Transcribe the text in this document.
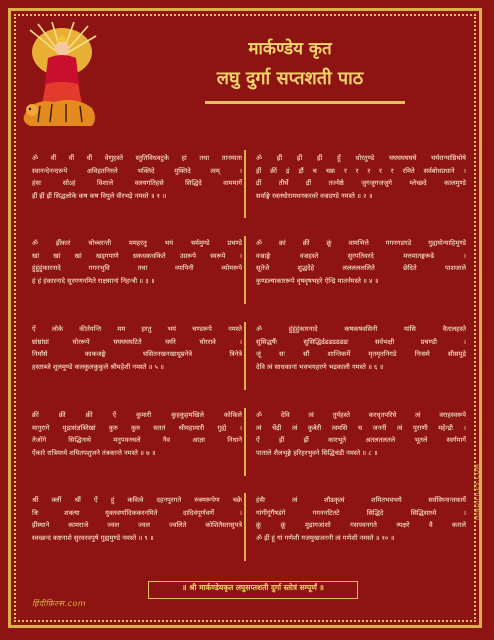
मार्कण्डेय कृत
लघु दुर्गा सप्तशती पाठ
ॐ वीं वीं वीं वेणुहस्ते स्तुतिविधवटुके हां तथा तानमाता
स्वानन्देनन्दरूपे अविहतनिरुते भक्तिदे मुक्तिदे त्वम् ।
हंसः सोऽहं विशाले वलयगतिहसे सिद्धिदे वाममार्गे
ह्रीं ह्रीं ह्रीं सिद्धलोके कष कष विपुले वीरभद्रे नमस्ते ॥ १ ॥
ॐ ह्रीं ह्रीं ह्रीं हूँ धोरतुण्डे घघघघघघघे घर्घरान्यांघ्रिघोषे
ह्रीं क्रीं द्रं द्रौं च चक्र र र र र र रमिते सर्वबोधप्रधाने ।
द्रीं तीर्थे द्रीं तज्येष्ठे जुगजुगजजुगे म्लेच्छदे कालमुण्डे
सर्वाङ्गे रक्तघोरामथनकरवरे वज्रदण्डे नमस्ते ॥ २ ॥
ॐ ह्रींकारं चोच्चरन्ती ममहरतु भयं चर्ममुण्डे प्रचण्डे
खां खां खां खड्गपाणे ध्रकधकधकिते उग्ररूपे स्वरूपे ।
हुंहुंहुंकारनादे गगनभुवि तथा व्यापिनी व्योमरूपे
हं हं हंकारनादे सुरगणनमिते राक्षसानां निहन्त्री ॥ ३ ॥
ॐ क्रां क्रीं क्रूं वामभित्ते गगनगडगडे गुह्ययोन्याहिमुण्डे
वज्राङ्गे वज्रहस्ते सुरपतिवरदे मत्तमातङ्गरूढे ।
सूतेजे शुद्धदेहे ललललललिते छेदिते पाशजाले
कुण्डल्याकाररूपे वृषवृषभहरे ऐन्द्रि मातर्नमस्ते ॥ ४ ॥
ऐं लोके कीर्तयन्ति मम हरतु भयं चण्डरूपे नमस्ते
घ्रांघ्रांघ्रां घोररूपे घघघघघटिते घर्घरे घोररावे ।
निर्मांसे काकजङ्घे घसितनखनखाधूम्रनेत्रे त्रिनेत्रे
हस्ताब्जे शूलमुण्डे कलकुलकुकुले श्रीमहेशी नमस्ते ॥ ५ ॥
ॐ हुंहुंहुंकारनादे कषकषवसिनी मांसि वैतालहस्ते
सुंसिद्धर्षैः सुसिद्धिर्ढढढढढढढः सर्वभक्षी प्रचण्डी ।
जूं सः सौं शान्तिकर्मे मृतमृतनिगडे निःसमे सीसमुद्रे
देवि त्वं साधकानां भवभयहरणे भद्रकाली नमस्ते ॥ ६ ॥
क्रीं क्रीं क्रीं ऐं कुमारी कुहकुहमखिले कोकिले
मानुरागे मुद्रासंज्ञत्रिरेखां कुरु कुरु सततं श्रीमहामारी गुह्ये ।
तेजोंगे सिद्धिनाथे मनुपवनचले नैव आज्ञा निधाने
ऐंकारे रात्रिमध्ये शयितपशुजने तंत्रकान्ते नमस्ते ॥ ७ ॥
ॐ देवि त्वं तुर्यहस्ते करधृतपरिघे त्वं वराहस्वरूपे
त्वं चेंद्री त्वं कुबेरी त्वमसि च जननी त्वं पुराणी महेन्द्री ।
ऐं ह्रीं ह्रीं कारभूते अतलतलतले भूतले स्वर्गमार्गे
पाताले शैलभृङ्गे हरिहरभुवने सिद्धिचंडी नमस्ते ॥ ८ ॥
श्रीं क्लीं श्रीं ऐं हूं कवित्वे दहनपुरगते रुक्मरूपेण चक्रे
त्रिः शक्त्या युक्तवर्णादिककरनमिते दादिवंपूर्णवर्णे ।
ह्रींस्थाने कामराजे ज्वल ज्वल ज्वलिते कोशितैस्तासुपत्रे
स्वच्छन्दं कष्टनाशे सुरवरवपुषे गुह्यमुण्डे नमस्ते ॥ ९ ॥
हंसैः त्वं शौढकृत्वं शमितभवभये सर्वविघ्नान्तकार्ये
गांगींगूंगैंषडंगे गगननटितटे सिद्धिदे सिद्धिसाध्ये ।
क्रूं क्रूं मुद्रागजांशो गसपवनगते त्र्यक्षरे वै कराले
ॐ ह्रीं हूं गां गणेशी गजमुखजननी त्वं गणेशी नमस्ते ॥ १० ॥
॥ श्री मार्कण्डेयकृत लघुसप्तशती दुर्गा स्तोत्रं सम्पूर्णं ॥
हिंदीफ़िल्स.com
HINDIFILES.COM
